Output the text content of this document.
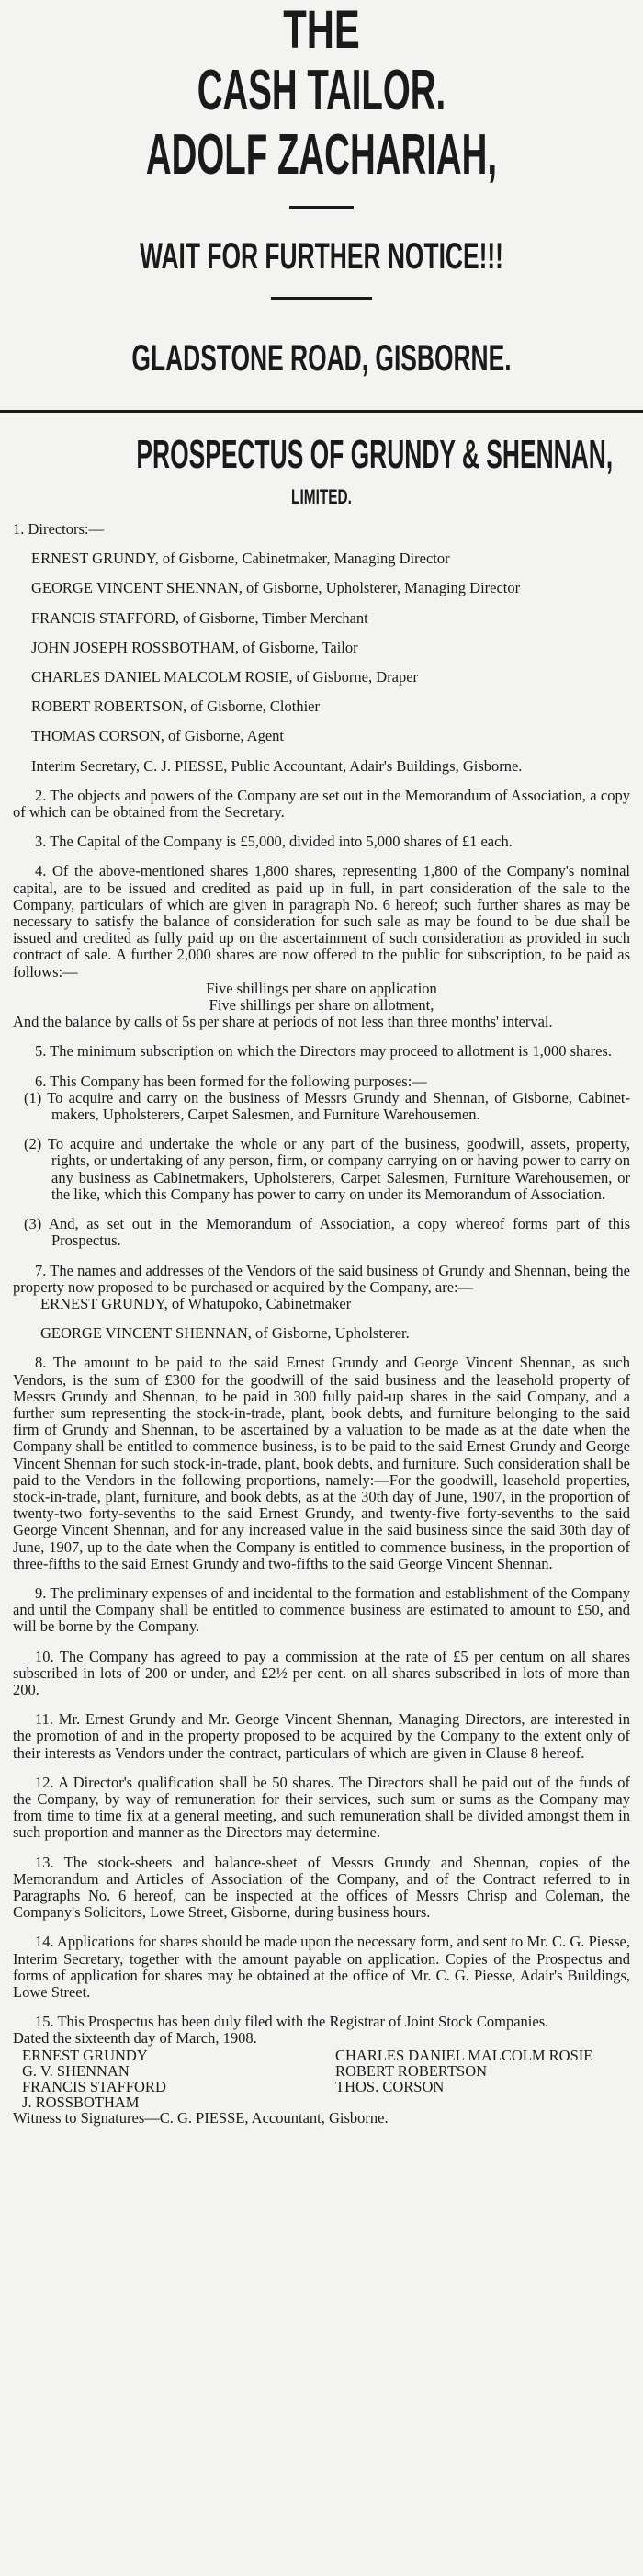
THE
CASH TAILOR.
ADOLF ZACHARIAH,
WAIT FOR FURTHER NOTICE!!!
GLADSTONE ROAD, GISBORNE.
PROSPECTUS OF GRUNDY & SHENNAN,
LIMITED.

1. Directors:—

ERNEST GRUNDY, of Gisborne, Cabinetmaker, Managing Director

GEORGE VINCENT SHENNAN, of Gisborne, Upholsterer, Managing Director

FRANCIS STAFFORD, of Gisborne, Timber Merchant

JOHN JOSEPH ROSSBOTHAM, of Gisborne, Tailor

CHARLES DANIEL MALCOLM ROSIE, of Gisborne, Draper

ROBERT ROBERTSON, of Gisborne, Clothier

THOMAS CORSON, of Gisborne, Agent

Interim Secretary, C. J. PIESSE, Public Accountant, Adair's Buildings, Gisborne.

2. The objects and powers of the Company are set out in the Memorandum of Association, a copy of which can be obtained from the Secretary.

3. The Capital of the Company is £5,000, divided into 5,000 shares of £1 each.

4. Of the above-mentioned shares 1,800 shares, representing 1,800 of the Company's nominal capital, are to be issued and credited as paid up in full, in part consideration of the sale to the Company, particulars of which are given in paragraph No. 6 hereof; such further shares as may be necessary to satisfy the balance of consideration for such sale as may be found to be due shall be issued and credited as fully paid up on the ascertainment of such consideration as provided in such contract of sale. A further 2,000 shares are now offered to the public for subscription, to be paid as follows:—

Five shillings per share on application

Five shillings per share on allotment,

And the balance by calls of 5s per share at periods of not less than three months' interval.

5. The minimum subscription on which the Directors may proceed to allotment is 1,000 shares.

6. This Company has been formed for the following purposes:—

(1) To acquire and carry on the business of Messrs Grundy and Shennan, of Gisborne, Cabinet-makers, Upholsterers, Carpet Salesmen, and Furniture Warehousemen.

(2) To acquire and undertake the whole or any part of the business, goodwill, assets, property, rights, or undertaking of any person, firm, or company carrying on or having power to carry on any business as Cabinetmakers, Upholsterers, Carpet Salesmen, Furniture Warehousemen, or the like, which this Company has power to carry on under its Memorandum of Association.

(3) And, as set out in the Memorandum of Association, a copy whereof forms part of this Prospectus.

7. The names and addresses of the Vendors of the said business of Grundy and Shennan, being the property now proposed to be purchased or acquired by the Company, are:—

ERNEST GRUNDY, of Whatupoko, Cabinetmaker

GEORGE VINCENT SHENNAN, of Gisborne, Upholsterer.

8. The amount to be paid to the said Ernest Grundy and George Vincent Shennan, as such Vendors, is the sum of £300 for the goodwill of the said business and the leasehold property of Messrs Grundy and Shennan, to be paid in 300 fully paid-up shares in the said Company, and a further sum representing the stock-in-trade, plant, book debts, and furniture belonging to the said firm of Grundy and Shennan, to be ascertained by a valuation to be made as at the date when the Company shall be entitled to commence business, is to be paid to the said Ernest Grundy and George Vincent Shennan for such stock-in-trade, plant, book debts, and furniture. Such consideration shall be paid to the Vendors in the following proportions, namely:—For the goodwill, leasehold properties, stock-in-trade, plant, furniture, and book debts, as at the 30th day of June, 1907, in the proportion of twenty-two forty-sevenths to the said Ernest Grundy, and twenty-five forty-sevenths to the said George Vincent Shennan, and for any increased value in the said business since the said 30th day of June, 1907, up to the date when the Company is entitled to commence business, in the proportion of three-fifths to the said Ernest Grundy and two-fifths to the said George Vincent Shennan.

9. The preliminary expenses of and incidental to the formation and establishment of the Company and until the Company shall be entitled to commence business are estimated to amount to £50, and will be borne by the Company.

10. The Company has agreed to pay a commission at the rate of £5 per centum on all shares subscribed in lots of 200 or under, and £2½ per cent. on all shares subscribed in lots of more than 200.

11. Mr. Ernest Grundy and Mr. George Vincent Shennan, Managing Directors, are interested in the promotion of and in the property proposed to be acquired by the Company to the extent only of their interests as Vendors under the contract, particulars of which are given in Clause 8 hereof.

12. A Director's qualification shall be 50 shares. The Directors shall be paid out of the funds of the Company, by way of remuneration for their services, such sum or sums as the Company may from time to time fix at a general meeting, and such remuneration shall be divided amongst them in such proportion and manner as the Directors may determine.

13. The stock-sheets and balance-sheet of Messrs Grundy and Shennan, copies of the Memorandum and Articles of Association of the Company, and of the Contract referred to in Paragraphs No. 6 hereof, can be inspected at the offices of Messrs Chrisp and Coleman, the Company's Solicitors, Lowe Street, Gisborne, during business hours.

14. Applications for shares should be made upon the necessary form, and sent to Mr. C. G. Piesse, Interim Secretary, together with the amount payable on application. Copies of the Prospectus and forms of application for shares may be obtained at the office of Mr. C. G. Piesse, Adair's Buildings, Lowe Street.

15. This Prospectus has been duly filed with the Registrar of Joint Stock Companies.

Dated the sixteenth day of March, 1908.

ERNEST GRUNDY	CHARLES DANIEL MALCOLM ROSIE
G. V. SHENNAN	ROBERT ROBERTSON
FRANCIS STAFFORD	THOS. CORSON
J. ROSSBOTHAM

Witness to Signatures—C. G. PIESSE, Accountant, Gisborne.
